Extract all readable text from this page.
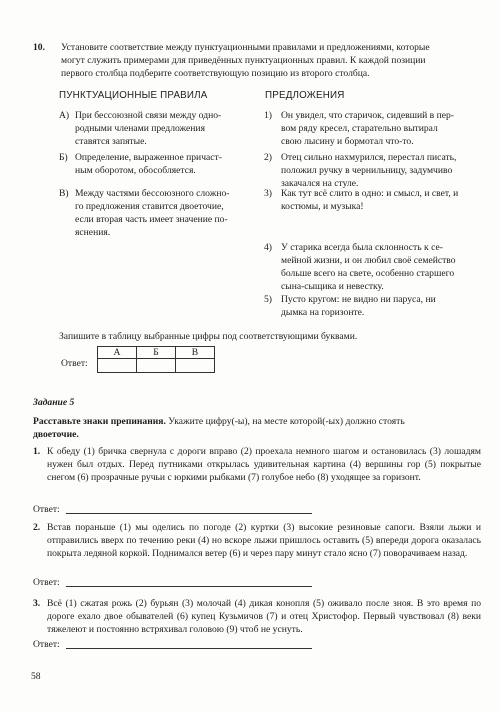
10. Установите соответствие между пунктуационными правилами и предложениями, которые
могут служить примерами для приведённых пунктуационных правил. К каждой позиции
первого столбца подберите соответствующую позицию из второго столбца.
ПУНКТУАЦИОННЫЕ ПРАВИЛА	ПРЕДЛОЖЕНИЯ
А) При бессоюзной связи между одно-
родными членами предложения
ставятся запятые.
Б) Определение, выраженное причаст-
ным оборотом, обособляется.
В) Между частями бессоюзного сложно-
го предложения ставится двоеточие,
если вторая часть имеет значение по-
яснения.
1) Он увидел, что старичок, сидевший в пер-
вом ряду кресел, старательно вытирал
свою лысину и бормотал что-то.
2) Отец сильно нахмурился, перестал писать,
положил ручку в чернильницу, задумчиво
закачался на стуле.
3) Как тут всё слито в одно: и смысл, и свет, и
костюмы, и музыка!
4) У старика всегда была склонность к се-
мейной жизни, и он любил своё семейство
больше всего на свете, особенно старшего
сына-сыщика и невестку.
5) Пусто кругом: не видно ни паруса, ни
дымка на горизонте.
Запишите в таблицу выбранные цифры под соответствующими буквами.
Ответ:
А	Б	В

Задание 5
Расставьте знаки препинания. Укажите цифру(-ы), на месте которой(-ых) должно стоять
двоеточие.
1. К обеду (1) бричка свернула с дороги вправо (2) проехала немного шагом и остановилась (3) лошадям нужен был отдых. Перед путниками открылась удивительная картина (4) вершины гор (5) покрытые снегом (6) прозрачные ручьи с юркими рыбками (7) голубое небо (8) уходящее за горизонт.
Ответ:
2. Встав пораньше (1) мы оделись по погоде (2) куртки (3) высокие резиновые сапоги. Взяли лыжи и отправились вверх по течению реки (4) но вскоре лыжи пришлось оставить (5) впереди дорога оказалась покрыта ледяной коркой. Поднимался ветер (6) и через пару минут стало ясно (7) поворачиваем назад.
Ответ:
3. Всё (1) сжатая рожь (2) бурьян (3) молочай (4) дикая конопля (5) оживало после зноя. В это время по дороге ехало двое обывателей (6) купец Кузьмичов (7) и отец Христофор. Первый чувствовал (8) веки тяжелеют и постоянно встряхивал головою (9) чтоб не уснуть.
Ответ:
58
